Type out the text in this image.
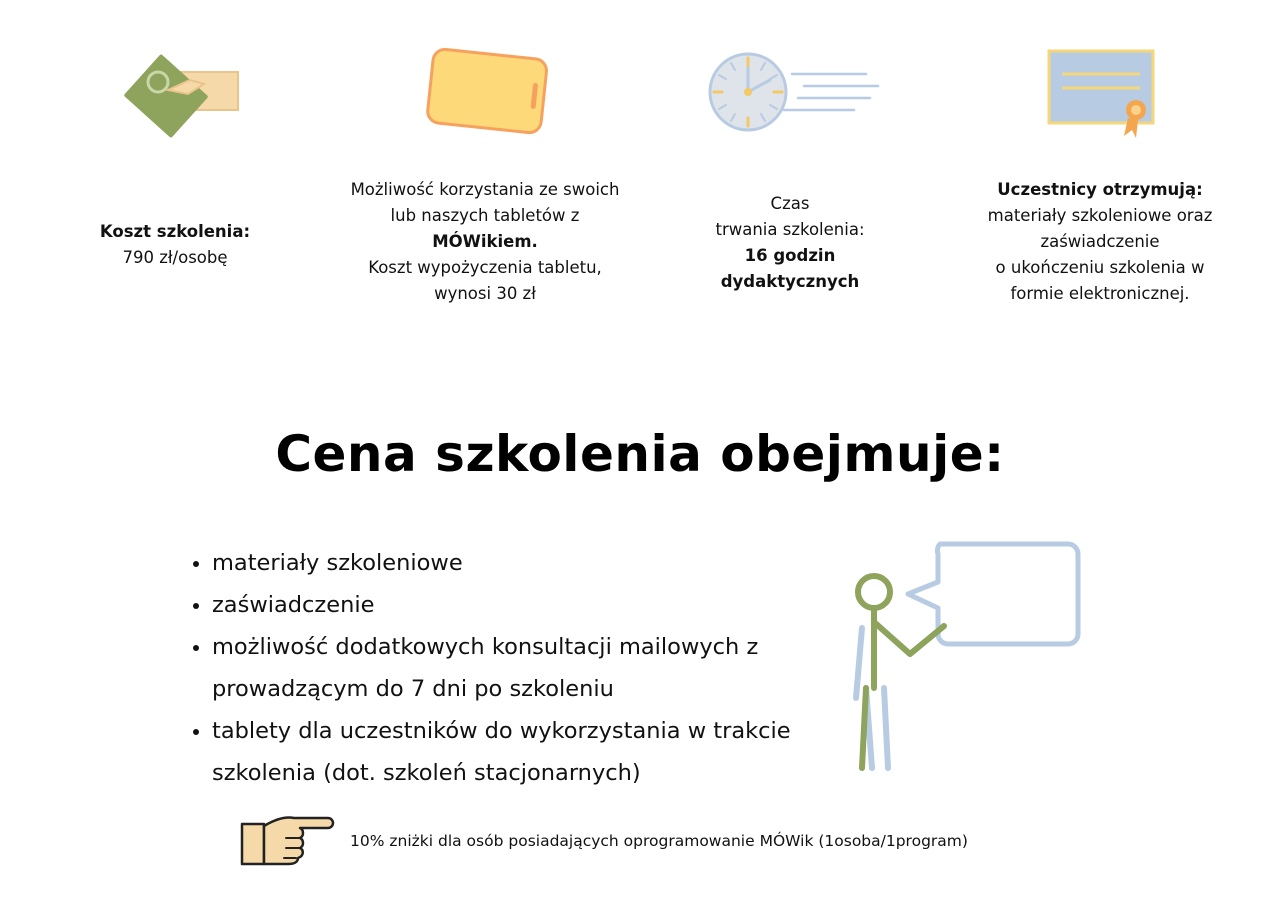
Koszt szkolenia:
790 zł/osobę
Możliwość korzystania ze swoich
lub naszych tabletów z
MÓWikiem.
Koszt wypożyczenia tabletu,
wynosi 30 zł
Czas
trwania szkolenia:
16 godzin
dydaktycznych
Uczestnicy otrzymują:
materiały szkoleniowe oraz
zaświadczenie
o ukończeniu szkolenia w
formie elektronicznej.
Cena szkolenia obejmuje:
• materiały szkoleniowe
• zaświadczenie
• możliwość dodatkowych konsultacji mailowych z prowadzącym do 7 dni po szkoleniu
• tablety dla uczestników do wykorzystania w trakcie szkolenia (dot. szkoleń stacjonarnych)
10% zniżki dla osób posiadających oprogramowanie MÓWik (1osoba/1program)
